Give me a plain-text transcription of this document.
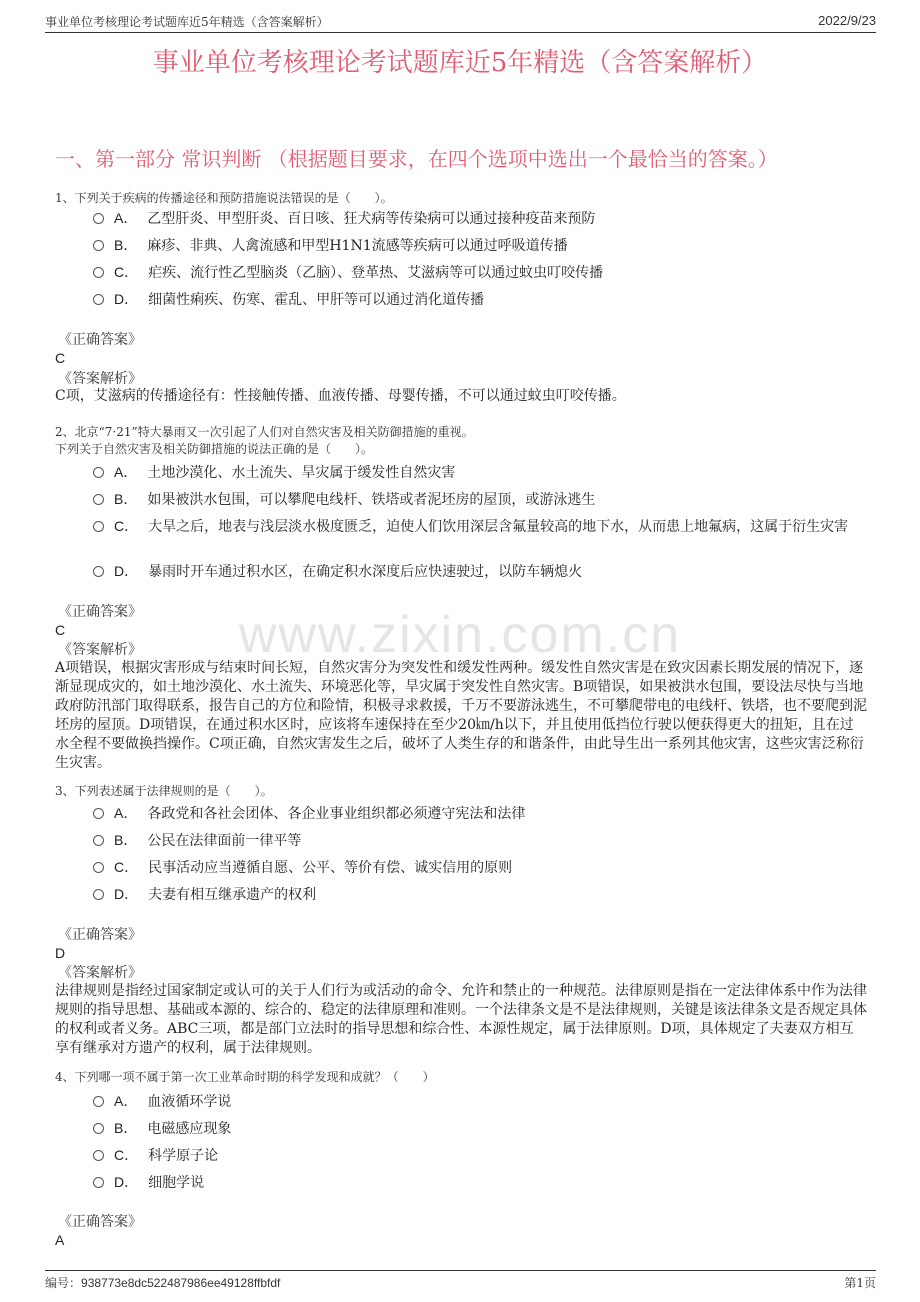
事业单位考核理论考试题库近5年精选（含答案解析）	2022/9/23
事业单位考核理论考试题库近5年精选（含答案解析）
一、第一部分 常识判断 （根据题目要求，在四个选项中选出一个最恰当的答案。）
www.zixin.com.cn
1、下列关于疾病的传播途径和预防措施说法错误的是（　　）。
A． 乙型肝炎、甲型肝炎、百日咳、狂犬病等传染病可以通过接种疫苗来预防
B． 麻疹、非典、人禽流感和甲型H1N1流感等疾病可以通过呼吸道传播
C． 疟疾、流行性乙型脑炎（乙脑）、登革热、艾滋病等可以通过蚊虫叮咬传播
D． 细菌性痢疾、伤寒、霍乱、甲肝等可以通过消化道传播
《正确答案》
C
《答案解析》
C项，艾滋病的传播途径有：性接触传播、血液传播、母婴传播，不可以通过蚊虫叮咬传播。
2、北京“7·21”特大暴雨又一次引起了人们对自然灾害及相关防御措施的重视。
下列关于自然灾害及相关防御措施的说法正确的是（　　）。
A． 土地沙漠化、水土流失、旱灾属于缓发性自然灾害
B． 如果被洪水包围，可以攀爬电线杆、铁塔或者泥坯房的屋顶，或游泳逃生
C． 大旱之后，地表与浅层淡水极度匮乏，迫使人们饮用深层含氟量较高的地下水，从而患上地氟病，这属于衍生灾害
D． 暴雨时开车通过积水区，在确定积水深度后应快速驶过，以防车辆熄火
《正确答案》
C
《答案解析》
A项错误，根据灾害形成与结束时间长短，自然灾害分为突发性和缓发性两种。缓发性自然灾害是在致灾因素长期发展的情况下，逐渐显现成灾的，如土地沙漠化、水土流失、环境恶化等，旱灾属于突发性自然灾害。B项错误，如果被洪水包围，要设法尽快与当地政府防汛部门取得联系，报告自己的方位和险情，积极寻求救援，千万不要游泳逃生，不可攀爬带电的电线杆、铁塔，也不要爬到泥坯房的屋顶。D项错误，在通过积水区时，应该将车速保持在至少20㎞/h以下，并且使用低挡位行驶以便获得更大的扭矩，且在过水全程不要做换挡操作。C项正确，自然灾害发生之后，破坏了人类生存的和谐条件，由此导生出一系列其他灾害，这些灾害泛称衍生灾害。
3、下列表述属于法律规则的是（　　）。
A． 各政党和各社会团体、各企业事业组织都必须遵守宪法和法律
B． 公民在法律面前一律平等
C． 民事活动应当遵循自愿、公平、等价有偿、诚实信用的原则
D． 夫妻有相互继承遗产的权利
《正确答案》
D
《答案解析》
法律规则是指经过国家制定或认可的关于人们行为或活动的命令、允许和禁止的一种规范。法律原则是指在一定法律体系中作为法律规则的指导思想、基础或本源的、综合的、稳定的法律原理和准则。一个法律条文是不是法律规则，关键是该法律条文是否规定具体的权利或者义务。ABC三项，都是部门立法时的指导思想和综合性、本源性规定，属于法律原则。D项，具体规定了夫妻双方相互享有继承对方遗产的权利，属于法律规则。
4、下列哪一项不属于第一次工业革命时期的科学发现和成就？（　　）
A． 血液循环学说
B． 电磁感应现象
C． 科学原子论
D． 细胞学说
《正确答案》
A
编号：938773e8dc522487986ee49128ffbfdf	第1页
